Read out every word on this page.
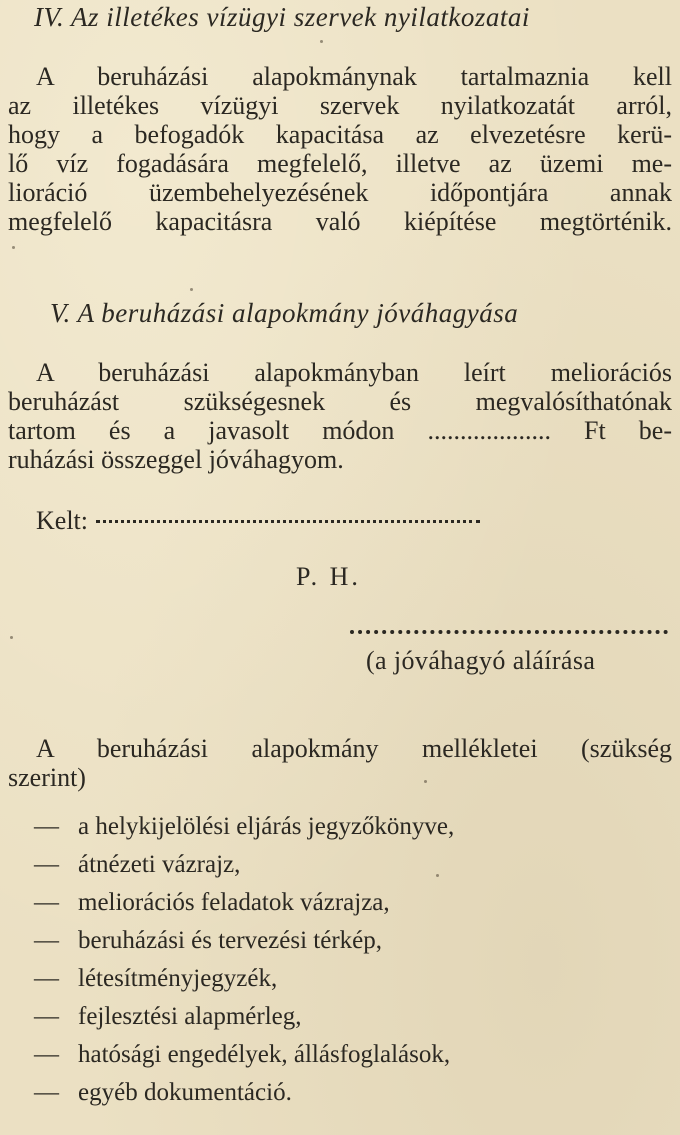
IV. Az illetékes vízügyi szervek nyilatkozatai
A beruházási alapokmánynak tartalmaznia kell
az illetékes vízügyi szervek nyilatkozatát arról,
hogy a befogadók kapacitása az elvezetésre kerü-
lő víz fogadására megfelelő, illetve az üzemi me-
lioráció üzembehelyezésének időpontjára annak
megfelelő kapacitásra való kiépítése megtörténik.
V. A beruházási alapokmány jóváhagyása
A beruházási alapokmányban leírt meliorációs
beruházást szükségesnek és megvalósíthatónak
tartom és a javasolt módon ................... Ft be-
ruházási összeggel jóváhagyom.
Kelt:
P. H.
(a jóváhagyó aláírása
A beruházási alapokmány mellékletei (szükség
szerint)
— a helykijelölési eljárás jegyzőkönyve,
— átnézeti vázrajz,
— meliorációs feladatok vázrajza,
— beruházási és tervezési térkép,
— létesítményjegyzék,
— fejlesztési alapmérleg,
— hatósági engedélyek, állásfoglalások,
— egyéb dokumentáció.
